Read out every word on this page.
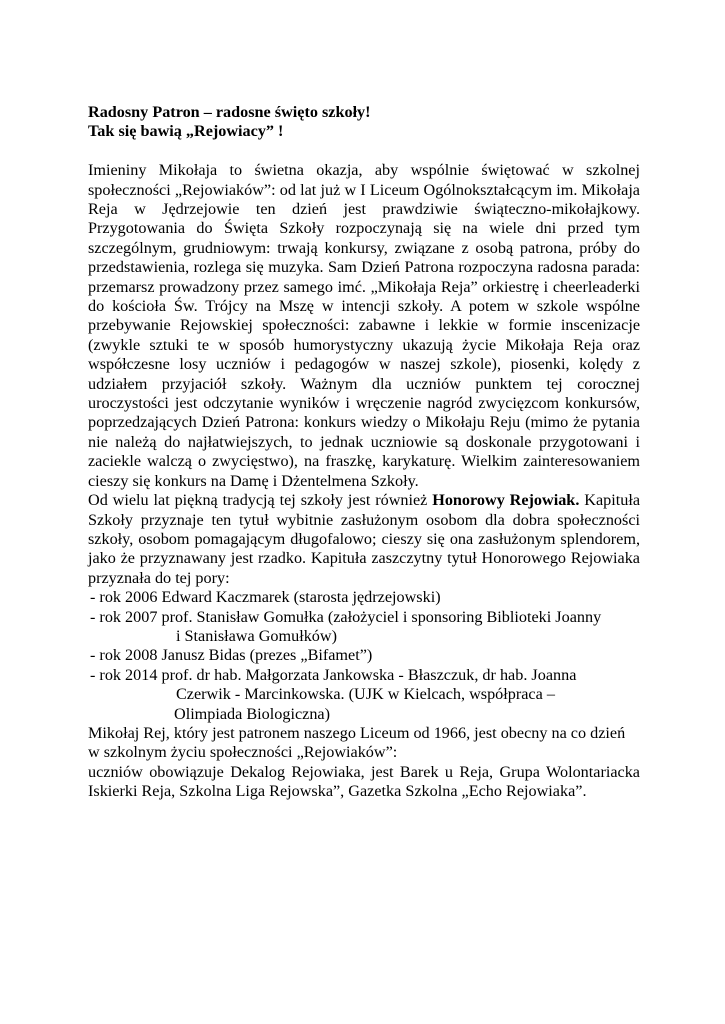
Radosny Patron – radosne święto szkoły!

Tak się bawią „Rejowiacy” !

Imieniny Mikołaja to świetna okazja, aby wspólnie świętować w szkolnej społeczności „Rejowiaków”: od lat już w I Liceum Ogólnokształcącym im. Mikołaja Reja w Jędrzejowie ten dzień jest prawdziwie świąteczno-mikołajkowy. Przygotowania do Święta Szkoły rozpoczynają się na wiele dni przed tym szczególnym, grudniowym: trwają konkursy, związane z osobą patrona, próby do przedstawienia, rozlega się muzyka. Sam Dzień Patrona rozpoczyna radosna parada: przemarsz prowadzony przez samego imć. „Mikołaja Reja” orkiestrę i cheerleaderki do kościoła Św. Trójcy na Mszę w intencji szkoły. A potem w szkole wspólne przebywanie Rejowskiej społeczności: zabawne i lekkie w formie inscenizacje (zwykle sztuki te w sposób humorystyczny ukazują życie Mikołaja Reja oraz współczesne losy uczniów i pedagogów w naszej szkole), piosenki, kolędy z udziałem przyjaciół szkoły. Ważnym dla uczniów punktem tej corocznej uroczystości jest odczytanie wyników i wręczenie nagród zwycięzcom konkursów, poprzedzających Dzień Patrona: konkurs wiedzy o Mikołaju Reju (mimo że pytania nie należą do najłatwiejszych, to jednak uczniowie są doskonale przygotowani i zaciekle walczą o zwycięstwo), na fraszkę, karykaturę. Wielkim zainteresowaniem cieszy się konkurs na Damę i Dżentelmena Szkoły.

Od wielu lat piękną tradycją tej szkoły jest również Honorowy Rejowiak. Kapituła Szkoły przyznaje ten tytuł wybitnie zasłużonym osobom dla dobra społeczności szkoły, osobom pomagającym długofalowo; cieszy się ona zasłużonym splendorem, jako że przyznawany jest rzadko. Kapituła zaszczytny tytuł Honorowego Rejowiaka przyznała do tej pory:

- rok 2006 Edward Kaczmarek (starosta jędrzejowski)
- rok 2007 prof. Stanisław Gomułka (założyciel i sponsoring Biblioteki Joanny
i Stanisława Gomułków)
- rok 2008 Janusz Bidas (prezes „Bifamet”)
- rok 2014 prof. dr hab. Małgorzata Jankowska - Błaszczuk, dr hab. Joanna
Czerwik - Marcinkowska. (UJK w Kielcach, współpraca –
Olimpiada Biologiczna)

Mikołaj Rej, który jest patronem naszego Liceum od 1966, jest obecny na co dzień w szkolnym życiu społeczności „Rejowiaków”:

uczniów obowiązuje Dekalog Rejowiaka, jest Barek u Reja, Grupa Wolontariacka Iskierki Reja, Szkolna Liga Rejowska”, Gazetka Szkolna „Echo Rejowiaka”.
